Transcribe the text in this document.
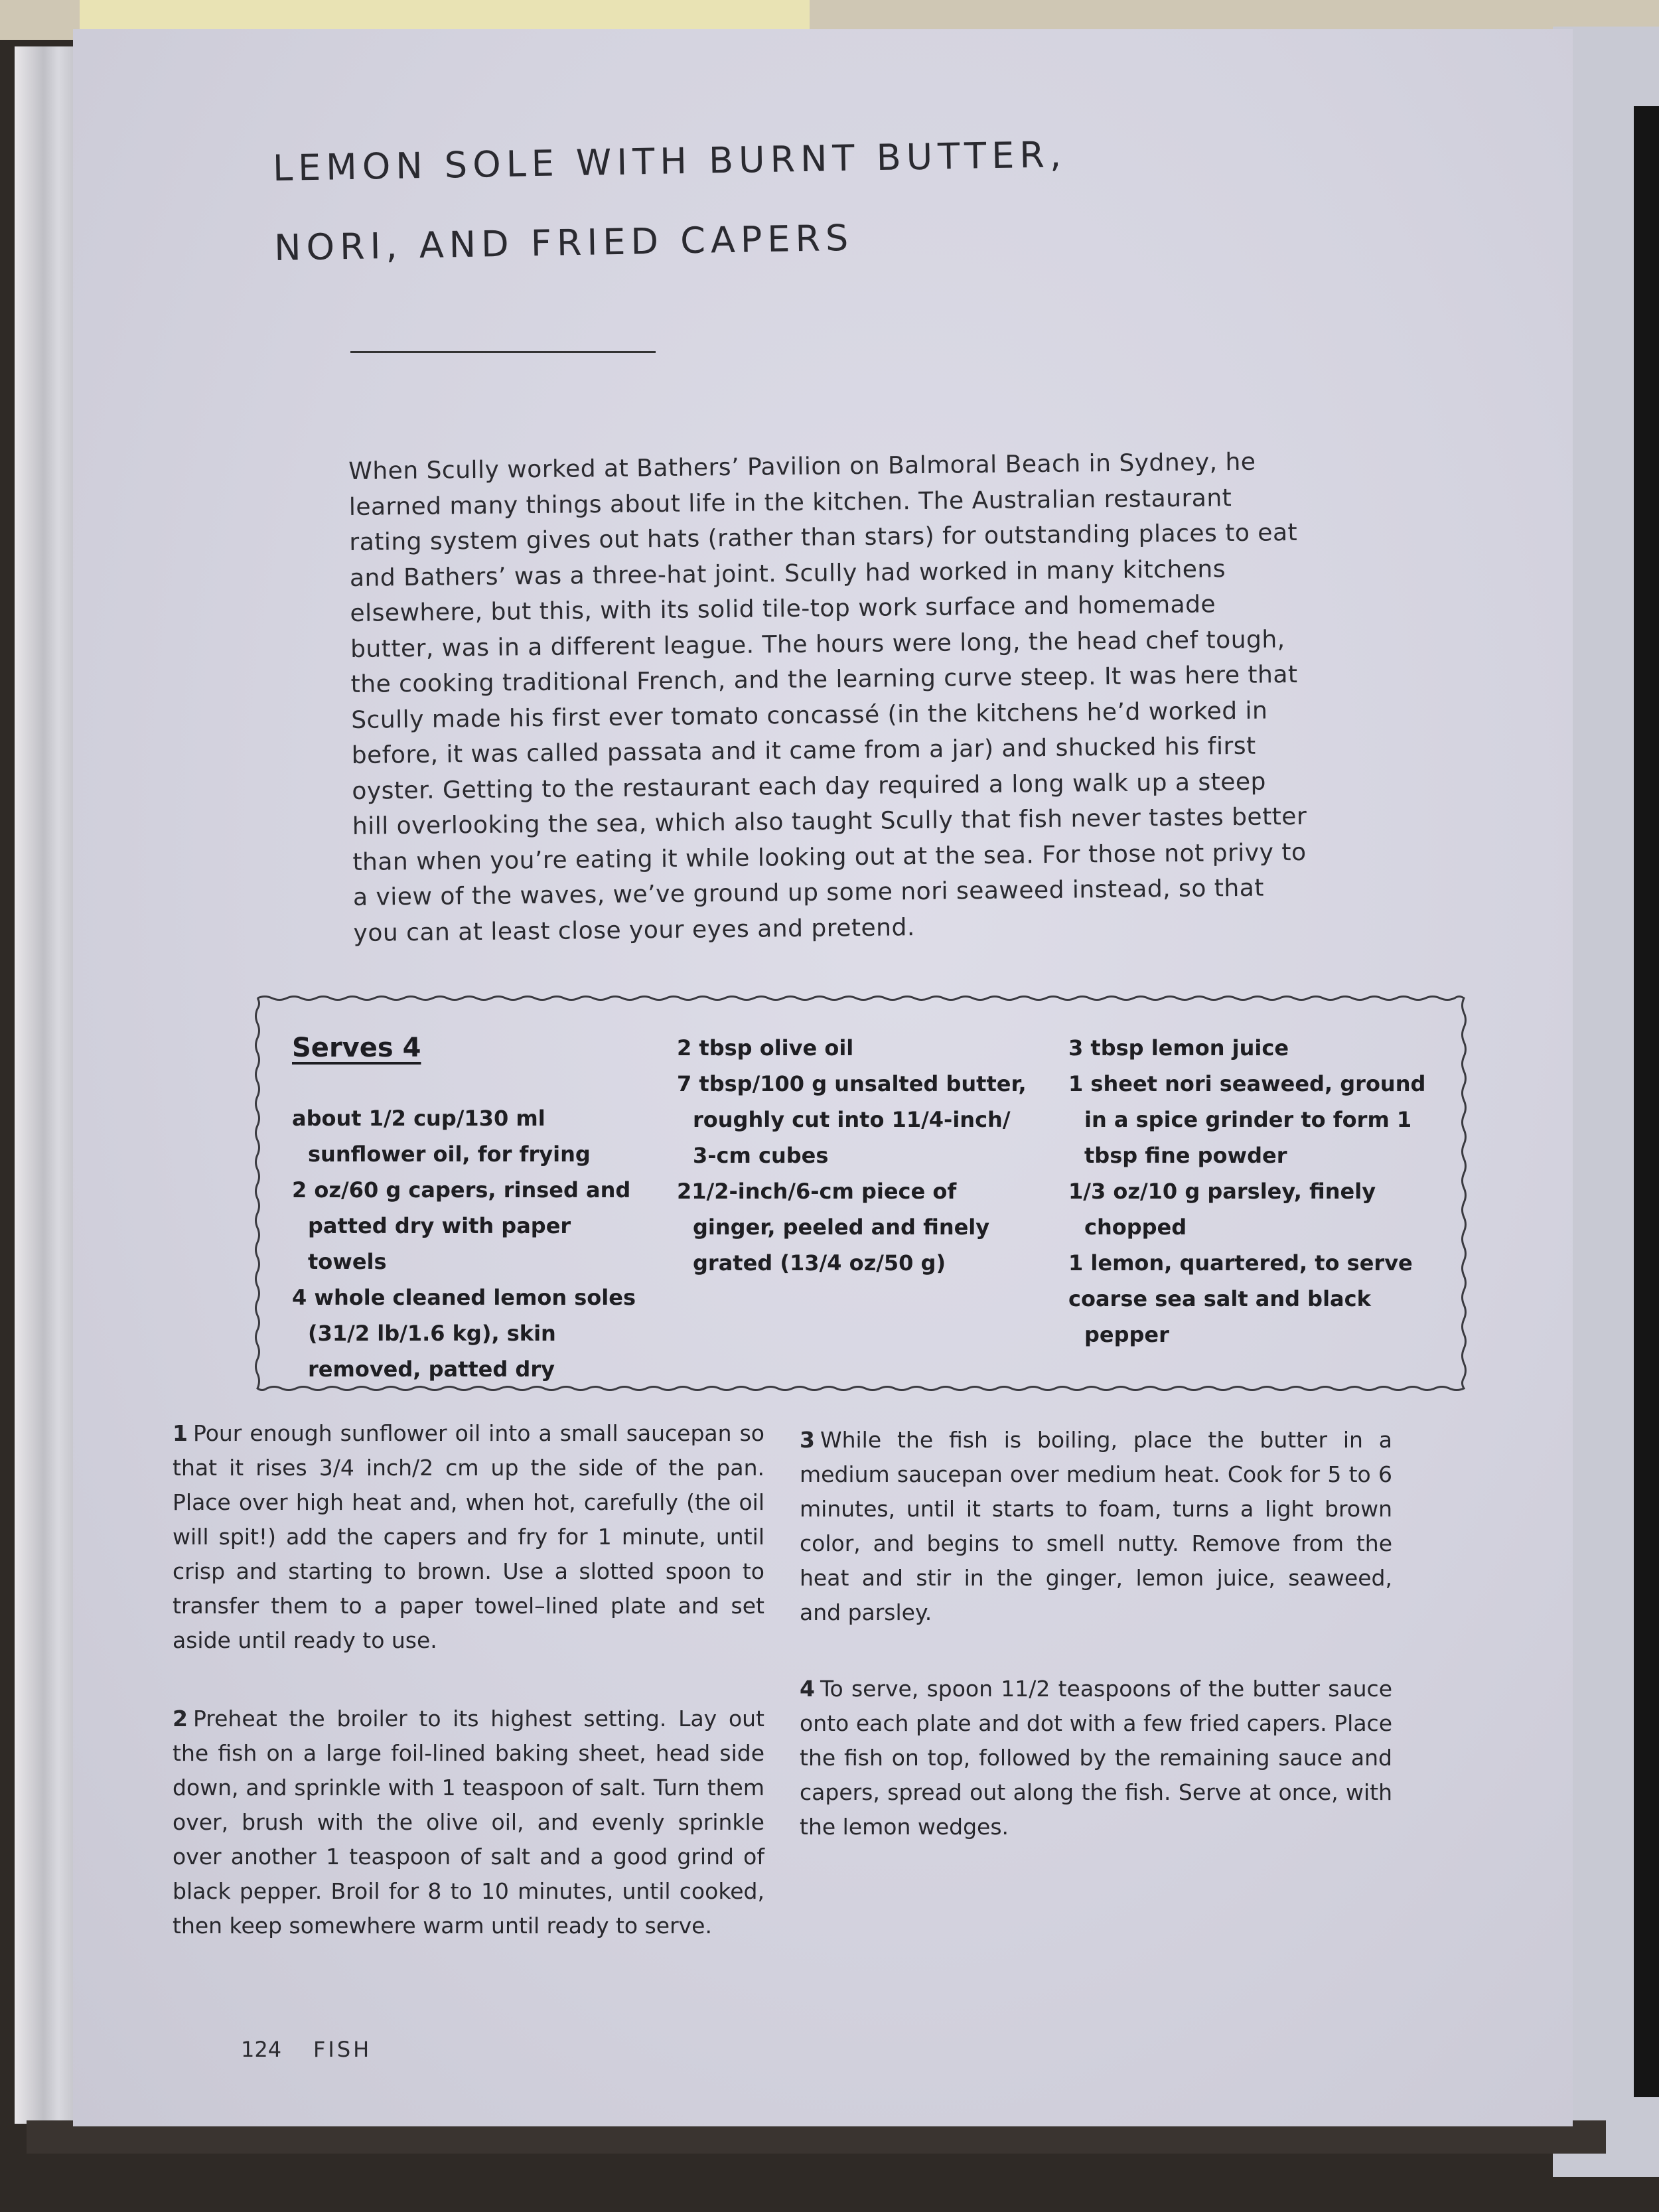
LEMON SOLE WITH BURNT BUTTER,
NORI, AND FRIED CAPERS

When Scully worked at Bathers’ Pavilion on Balmoral Beach in Sydney, he learned many things about life in the kitchen. The Australian restaurant rating system gives out hats (rather than stars) for outstanding places to eat and Bathers’ was a three-hat joint. Scully had worked in many kitchens elsewhere, but this, with its solid tile-top work surface and homemade butter, was in a different league. The hours were long, the head chef tough, the cooking traditional French, and the learning curve steep. It was here that Scully made his first ever tomato concassé (in the kitchens he’d worked in before, it was called passata and it came from a jar) and shucked his first oyster. Getting to the restaurant each day required a long walk up a steep hill overlooking the sea, which also taught Scully that fish never tastes better than when you’re eating it while looking out at the sea. For those not privy to a view of the waves, we’ve ground up some nori seaweed instead, so that you can at least close your eyes and pretend.

Serves 4
about 1/2 cup/130 ml sunflower oil, for frying
2 oz/60 g capers, rinsed and patted dry with paper towels
4 whole cleaned lemon soles (31/2 lb/1.6 kg), skin removed, patted dry
2 tbsp olive oil
7 tbsp/100 g unsalted butter, roughly cut into 11/4-inch/ 3-cm cubes
21/2-inch/6-cm piece of ginger, peeled and finely grated (13/4 oz/50 g)
3 tbsp lemon juice
1 sheet nori seaweed, ground in a spice grinder to form 1 tbsp fine powder
1/3 oz/10 g parsley, finely chopped
1 lemon, quartered, to serve
coarse sea salt and black pepper

1 Pour enough sunflower oil into a small saucepan so that it rises 3/4 inch/2 cm up the side of the pan. Place over high heat and, when hot, carefully (the oil will spit!) add the capers and fry for 1 minute, until crisp and starting to brown. Use a slotted spoon to transfer them to a paper towel–lined plate and set aside until ready to use.

2 Preheat the broiler to its highest setting. Lay out the fish on a large foil-lined baking sheet, head side down, and sprinkle with 1 teaspoon of salt. Turn them over, brush with the olive oil, and evenly sprinkle over another 1 teaspoon of salt and a good grind of black pepper. Broil for 8 to 10 minutes, until cooked, then keep somewhere warm until ready to serve.

3 While the fish is boiling, place the butter in a medium saucepan over medium heat. Cook for 5 to 6 minutes, until it starts to foam, turns a light brown color, and begins to smell nutty. Remove from the heat and stir in the ginger, lemon juice, seaweed, and parsley.

4 To serve, spoon 11/2 teaspoons of the butter sauce onto each plate and dot with a few fried capers. Place the fish on top, followed by the remaining sauce and capers, spread out along the fish. Serve at once, with the lemon wedges.

124 FISH
